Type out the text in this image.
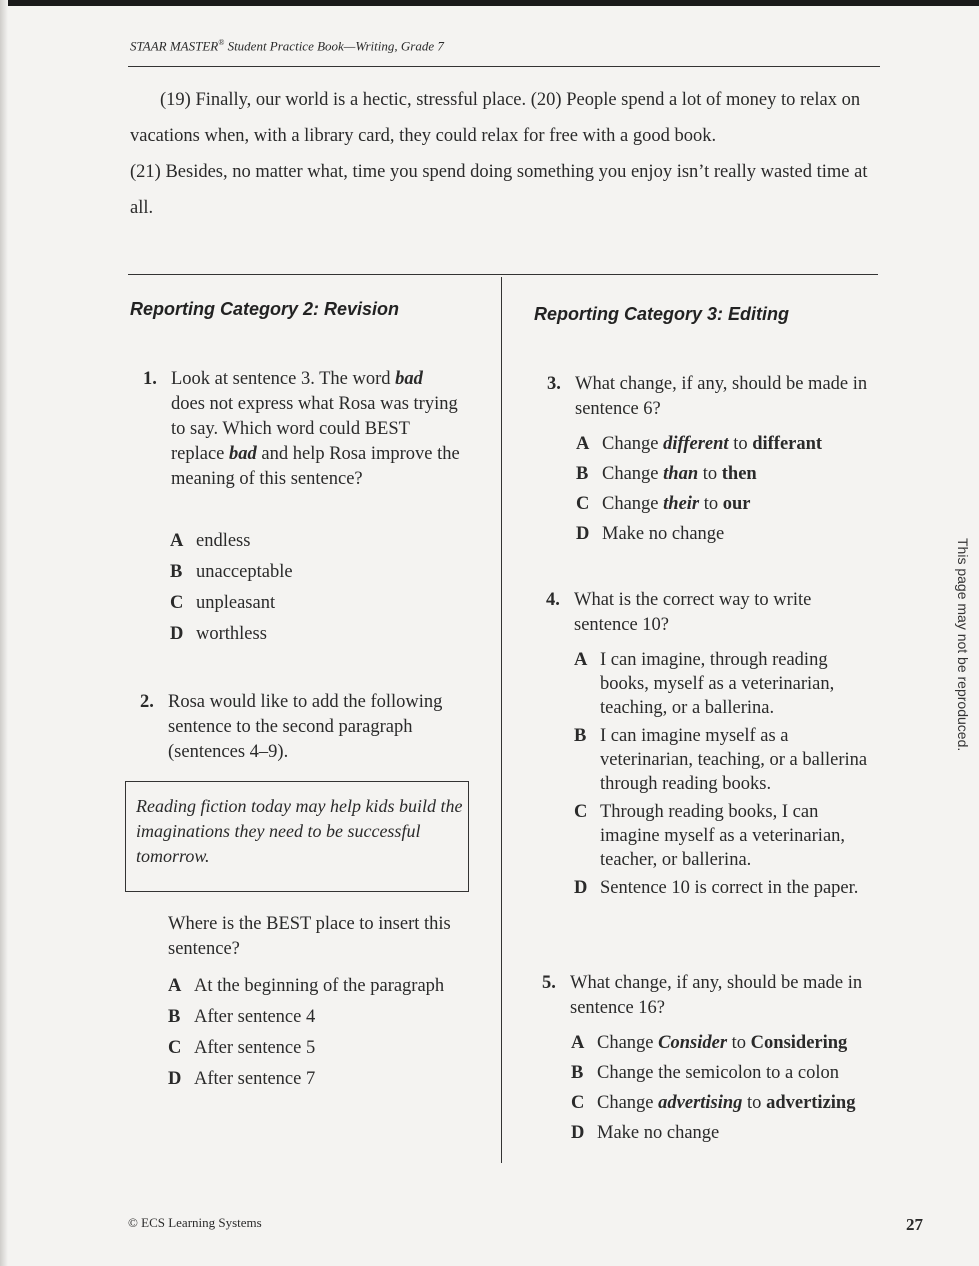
STAAR MASTER® Student Practice Book—Writing, Grade 7

(19) Finally, our world is a hectic, stressful place. (20) People spend a lot of money to relax on vacations when, with a library card, they could relax for free with a good book.

(21) Besides, no matter what, time you spend doing something you enjoy isn’t really wasted time at all.

Reporting Category 2: Revision
1. Look at sentence 3. The word bad does not express what Rosa was trying to say. Which word could BEST replace bad and help Rosa improve the meaning of this sentence?
A endless
B unacceptable
C unpleasant
D worthless
2. Rosa would like to add the following sentence to the second paragraph (sentences 4–9).
Reading fiction today may help kids build the imaginations they need to be successful tomorrow.
Where is the BEST place to insert this sentence?
A At the beginning of the paragraph
B After sentence 4
C After sentence 5
D After sentence 7
Reporting Category 3: Editing
3. What change, if any, should be made in sentence 6?
A Change different to differant
B Change than to then
C Change their to our
D Make no change
4. What is the correct way to write sentence 10?
A I can imagine, through reading books, myself as a veterinarian, teaching, or a ballerina.
B I can imagine myself as a veterinarian, teaching, or a ballerina through reading books.
C Through reading books, I can imagine myself as a veterinarian, teacher, or ballerina.
D Sentence 10 is correct in the paper.
5. What change, if any, should be made in sentence 16?
A Change Consider to Considering
B Change the semicolon to a colon
C Change advertising to advertizing
D Make no change
This page may not be reproduced.
© ECS Learning Systems	27
